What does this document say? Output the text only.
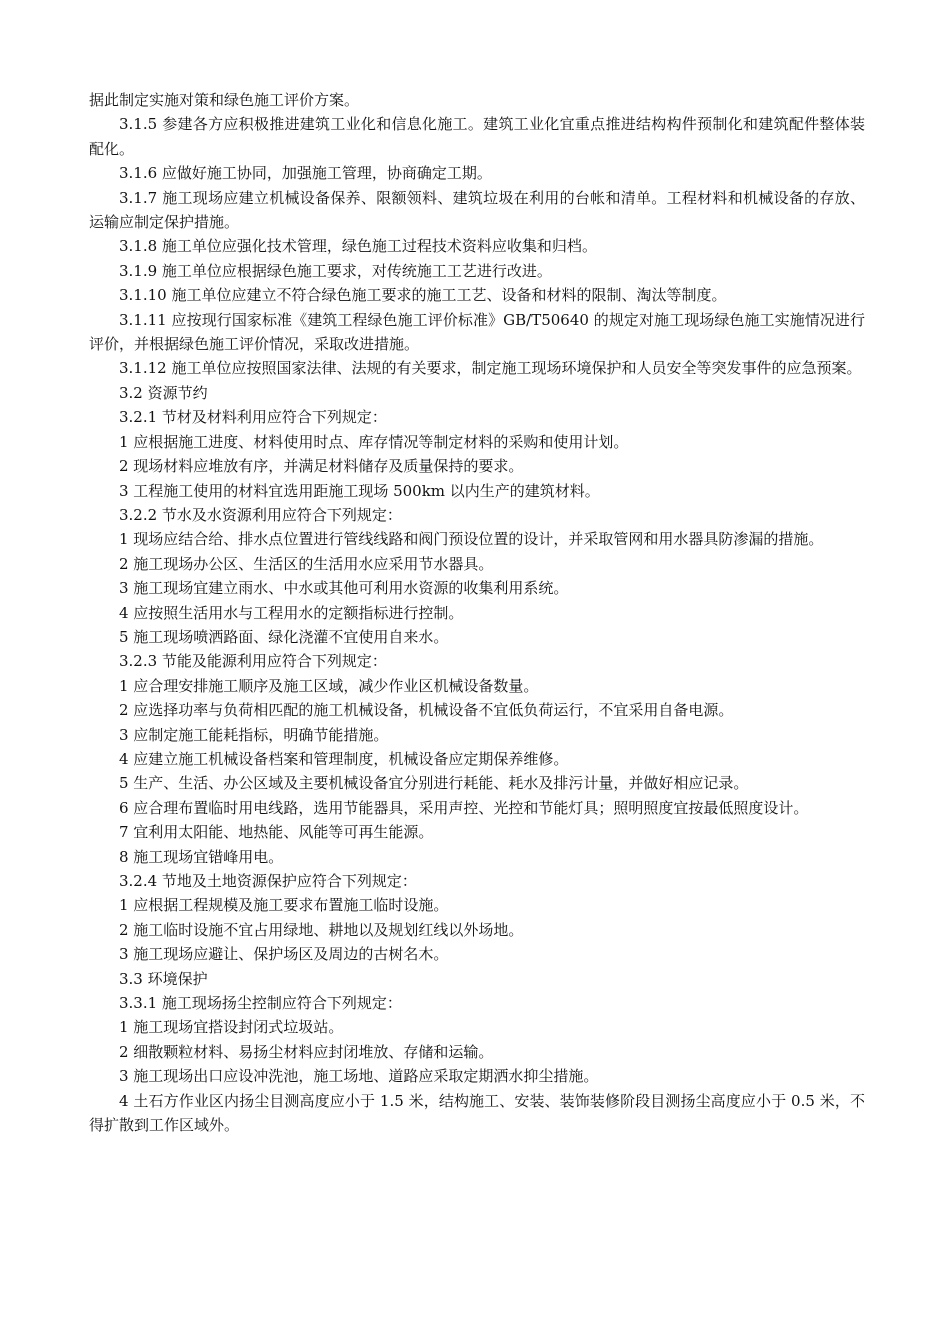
据此制定实施对策和绿色施工评价方案。

3.1.5 参建各方应积极推进建筑工业化和信息化施工。建筑工业化宜重点推进结构构件预制化和建筑配件整体装配化。

3.1.6 应做好施工协同，加强施工管理，协商确定工期。

3.1.7 施工现场应建立机械设备保养、限额领料、建筑垃圾在利用的台帐和清单。工程材料和机械设备的存放、运输应制定保护措施。

3.1.8 施工单位应强化技术管理，绿色施工过程技术资料应收集和归档。

3.1.9 施工单位应根据绿色施工要求，对传统施工工艺进行改进。

3.1.10 施工单位应建立不符合绿色施工要求的施工工艺、设备和材料的限制、淘汰等制度。

3.1.11 应按现行国家标准《建筑工程绿色施工评价标准》GB/T50640 的规定对施工现场绿色施工实施情况进行评价，并根据绿色施工评价情况，采取改进措施。

3.1.12 施工单位应按照国家法律、法规的有关要求，制定施工现场环境保护和人员安全等突发事件的应急预案。

3.2 资源节约

3.2.1 节材及材料利用应符合下列规定：

1 应根据施工进度、材料使用时点、库存情况等制定材料的采购和使用计划。

2 现场材料应堆放有序，并满足材料储存及质量保持的要求。

3 工程施工使用的材料宜选用距施工现场 500km 以内生产的建筑材料。

3.2.2 节水及水资源利用应符合下列规定：

1 现场应结合给、排水点位置进行管线线路和阀门预设位置的设计，并采取管网和用水器具防渗漏的措施。

2 施工现场办公区、生活区的生活用水应采用节水器具。

3 施工现场宜建立雨水、中水或其他可利用水资源的收集利用系统。

4 应按照生活用水与工程用水的定额指标进行控制。

5 施工现场喷洒路面、绿化浇灌不宜使用自来水。

3.2.3 节能及能源利用应符合下列规定：

1 应合理安排施工顺序及施工区域，减少作业区机械设备数量。

2 应选择功率与负荷相匹配的施工机械设备，机械设备不宜低负荷运行，不宜采用自备电源。

3 应制定施工能耗指标，明确节能措施。

4 应建立施工机械设备档案和管理制度，机械设备应定期保养维修。

5 生产、生活、办公区域及主要机械设备宜分别进行耗能、耗水及排污计量，并做好相应记录。

6 应合理布置临时用电线路，选用节能器具，采用声控、光控和节能灯具；照明照度宜按最低照度设计。

7 宜利用太阳能、地热能、风能等可再生能源。

8 施工现场宜错峰用电。

3.2.4 节地及土地资源保护应符合下列规定：

1 应根据工程规模及施工要求布置施工临时设施。

2 施工临时设施不宜占用绿地、耕地以及规划红线以外场地。

3 施工现场应避让、保护场区及周边的古树名木。

3.3 环境保护

3.3.1 施工现场扬尘控制应符合下列规定：

1 施工现场宜搭设封闭式垃圾站。

2 细散颗粒材料、易扬尘材料应封闭堆放、存储和运输。

3 施工现场出口应设冲洗池，施工场地、道路应采取定期洒水抑尘措施。

4 土石方作业区内扬尘目测高度应小于 1.5 米，结构施工、安装、装饰装修阶段目测扬尘高度应小于 0.5 米，不得扩散到工作区域外。
